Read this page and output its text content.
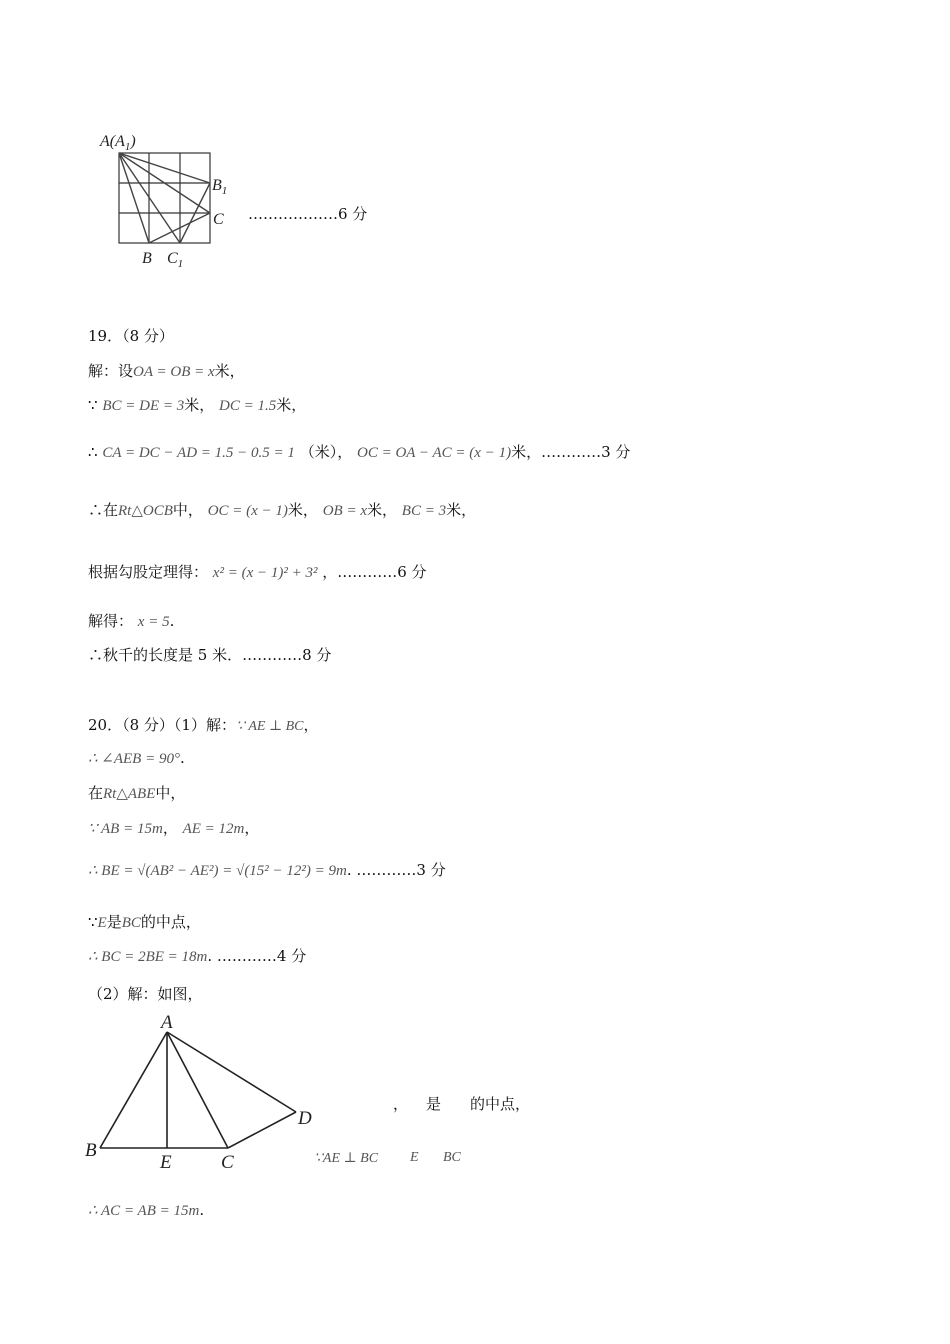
$A(A_1)$
$B_1$
C
B $C_1$
………………6 分
19．（8 分）
解：设OA = OB = x米，
∵ BC = DE = 3米， DC = 1.5米，
∴ CA = DC − AD = 1.5 − 0.5 = 1 （米）， OC = OA − AC = (x − 1)米，…………3 分
∴在Rt△OCB中， OC = (x − 1)米， OB = x米， BC = 3米，
根据勾股定理得： x² = (x − 1)² + 3² ，…………6 分
解得： x = 5.
∴秋千的长度是 5 米．…………8 分
20．（8 分）（1）解：∵ AE ⊥ BC，
∴ ∠AEB = 90°.
在Rt△ABE中，
∵ AB = 15m， AE = 12m，
∴ BE = √(AB² − AE²) = √(15² − 12²) = 9m. …………3 分
∵E是BC的中点，
∴ BC = 2BE = 18m. …………4 分
（2）解：如图，
A
B
E	C
D
， 是 的中点，
∵AE ⊥ BC E BC
∴ AC = AB = 15m.
